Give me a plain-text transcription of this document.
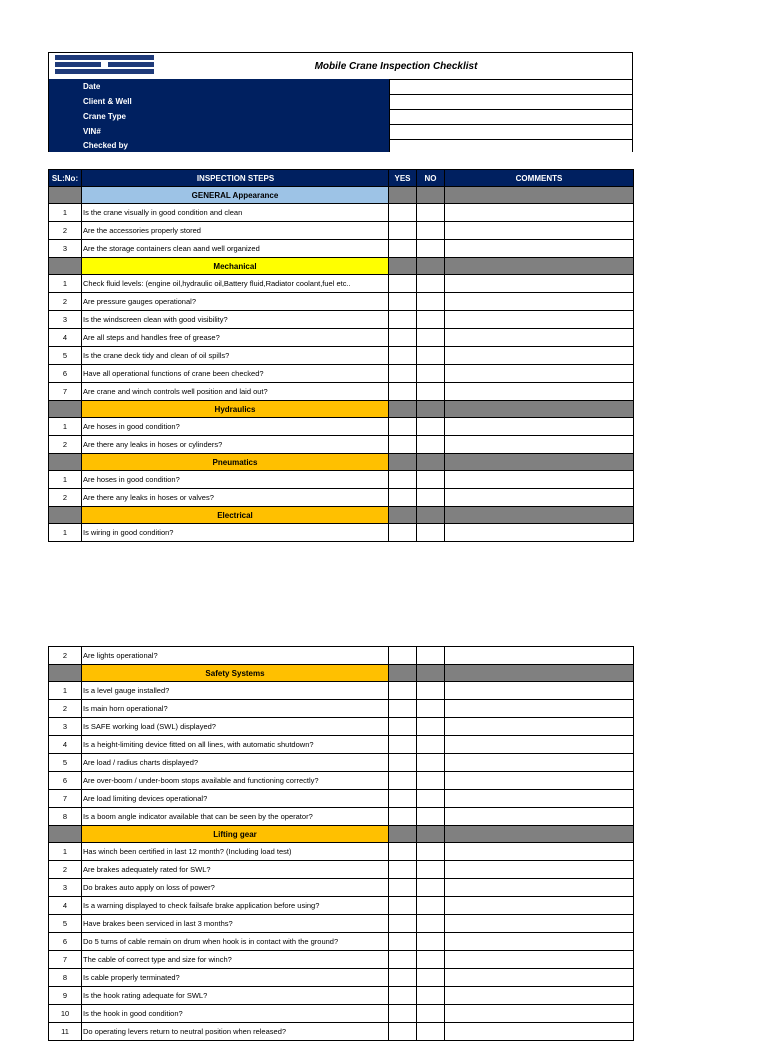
Mobile Crane Inspection Checklist
Date
Client & Well
Crane Type
VIN#
Checked by
SL:No:	INSPECTION STEPS	YES	NO	COMMENTS
	GENERAL Appearance			
1	Is the crane visually in good condition and clean			
2	Are the accessories properly stored			
3	Are the storage containers clean aand well organized			
	Mechanical			
1	Check fluid levels: (engine oil,hydraulic oil,Battery fluid,Radiator coolant,fuel etc..			
2	Are pressure gauges operational?			
3	Is the windscreen clean with good visibility?			
4	Are all steps and handles free of grease?			
5	Is the crane deck tidy and clean of oil spills?			
6	Have all operational functions of crane been checked?			
7	Are crane and winch controls well position and laid out?			
	Hydraulics			
1	Are hoses in good condition?			
2	Are there any leaks in hoses or cylinders?			
	Pneumatics			
1	Are hoses in good condition?			
2	Are there any leaks in hoses or valves?			
	Electrical			
1	Is wiring in good condition?			
2	Are lights operational?			
	Safety Systems			
1	Is a level gauge installed?			
2	Is main horn operational?			
3	Is SAFE working load (SWL) displayed?			
4	Is a height-limiting device fitted on all lines, with automatic shutdown?			
5	Are load / radius charts displayed?			
6	Are over-boom / under-boom stops available and functioning correctly?			
7	Are load limiting devices operational?			
8	Is a boom angle indicator available that can be seen by the operator?			
	Lifting gear			
1	Has winch been certified in last 12 month? (Including load test)			
2	Are brakes adequately rated for SWL?			
3	Do brakes auto apply on loss of power?			
4	Is a warning displayed to check failsafe brake application before using?			
5	Have brakes been serviced in last 3 months?			
6	Do 5 turns of cable remain on drum when hook is in contact with the ground?			
7	The cable of correct type and size for winch?			
8	Is cable properly terminated?			
9	Is the hook rating adequate for SWL?			
10	Is the hook in good condition?			
11	Do operating levers return to neutral position when released?			
